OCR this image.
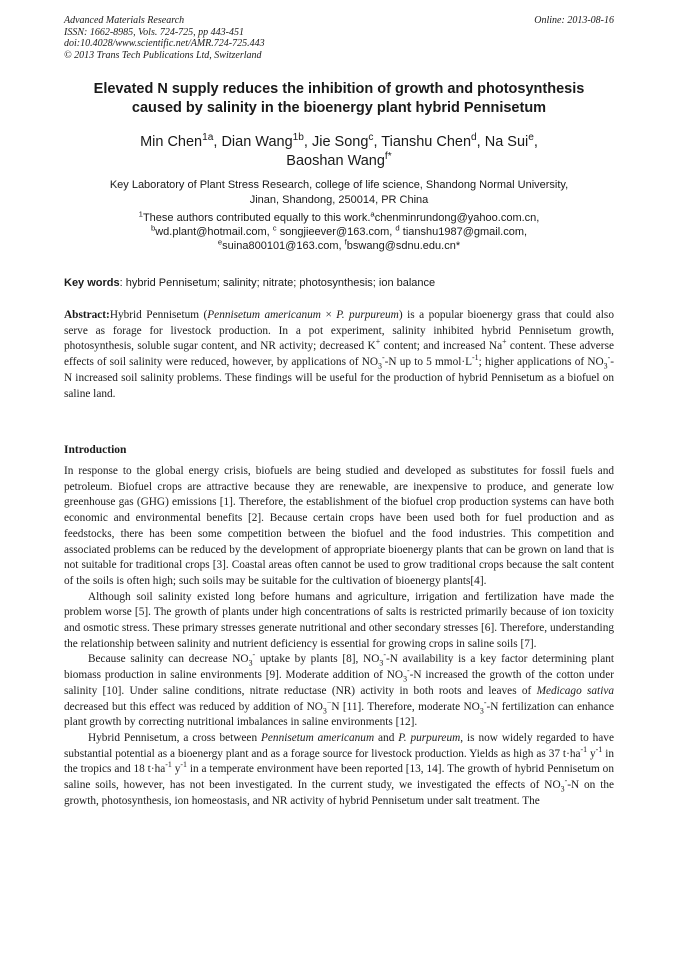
Advanced Materials Research
ISSN: 1662-8985, Vols. 724-725, pp 443-451
doi:10.4028/www.scientific.net/AMR.724-725.443
© 2013 Trans Tech Publications Ltd, Switzerland
Online: 2013-08-16
Elevated N supply reduces the inhibition of growth and photosynthesis
caused by salinity in the bioenergy plant hybrid Pennisetum
Min Chen$^{1a}$, Dian Wang$^{1b}$, Jie Song$^c$, Tianshu Chen$^d$, Na Sui$^e$,
Baoshan Wang$^{f*}$
Key Laboratory of Plant Stress Research, college of life science, Shandong Normal University,
Jinan, Shandong, 250014, PR China
$^1$These authors contributed equally to this work.$^a$chenminrundong@yahoo.com.cn,
$^b$wd.plant@hotmail.com, $^c$ songjieever@163.com, $^d$ tianshu1987@gmail.com,
$^e$suina800101@163.com, $^f$bswang@sdnu.edu.cn*
Key words: hybrid Pennisetum; salinity; nitrate; photosynthesis; ion balance
Abstract:Hybrid Pennisetum (Pennisetum americanum × P. purpureum) is a popular bioenergy grass that could also serve as forage for livestock production. In a pot experiment, salinity inhibited hybrid Pennisetum growth, photosynthesis, soluble sugar content, and NR activity; decreased K+ content; and increased Na+ content. These adverse effects of soil salinity were reduced, however, by applications of $NO_3^--N$ up to 5 $mmol\cdot L^{-1}$; higher applications of $NO_3^--N$ increased soil salinity problems. These findings will be useful for the production of hybrid Pennisetum as a biofuel on saline land.
Introduction

In response to the global energy crisis, biofuels are being studied and developed as substitutes for fossil fuels and petroleum. Biofuel crops are attractive because they are renewable, are inexpensive to produce, and generate low greenhouse gas (GHG) emissions [1]. Therefore, the establishment of the biofuel crop production systems can have both economic and environmental benefits [2]. Because certain crops have been used both for fuel production and as feedstocks, there has been some competition between the biofuel and the food industries. This competition and associated problems can be reduced by the development of appropriate bioenergy plants that can be grown on land that is not suitable for traditional crops [3]. Coastal areas often cannot be used to grow traditional crops because the salt content of the soils is often high; such soils may be suitable for the cultivation of bioenergy plants[4].

Although soil salinity existed long before humans and agriculture, irrigation and fertilization have made the problem worse [5]. The growth of plants under high concentrations of salts is restricted primarily because of ion toxicity and osmotic stress. These primary stresses generate nutritional and other secondary stresses [6]. Therefore, understanding the relationship between salinity and nutrient deficiency is essential for growing crops in saline soils [7].

Because salinity can decrease $NO_3^-$ uptake by plants [8], $NO_3^--N$ availability is a key factor determining plant biomass production in saline environments [9]. Moderate addition of $NO_3^--N$ increased the growth of the cotton under salinity [10]. Under saline conditions, nitrate reductase (NR) activity in both roots and leaves of Medicago sativa decreased but this effect was reduced by addition of $NO_3^-N$ [11]. Therefore, moderate $NO_3^--N$ fertilization can enhance plant growth by correcting nutritional imbalances in saline environments [12].

Hybrid Pennisetum, a cross between Pennisetum americanum and P. purpureum, is now widely regarded to have substantial potential as a bioenergy plant and as a forage source for livestock production. Yields as high as 37 $t\cdot ha^{-1}$ $y^{-1}$ in the tropics and 18 $t\cdot ha^{-1}$ $y^{-1}$ in a temperate environment have been reported [13, 14]. The growth of hybrid Pennisetum on saline soils, however, has not been investigated. In the current study, we investigated the effects of $NO_3^--N$ on the growth, photosynthesis, ion homeostasis, and NR activity of hybrid Pennisetum under salt treatment. The
